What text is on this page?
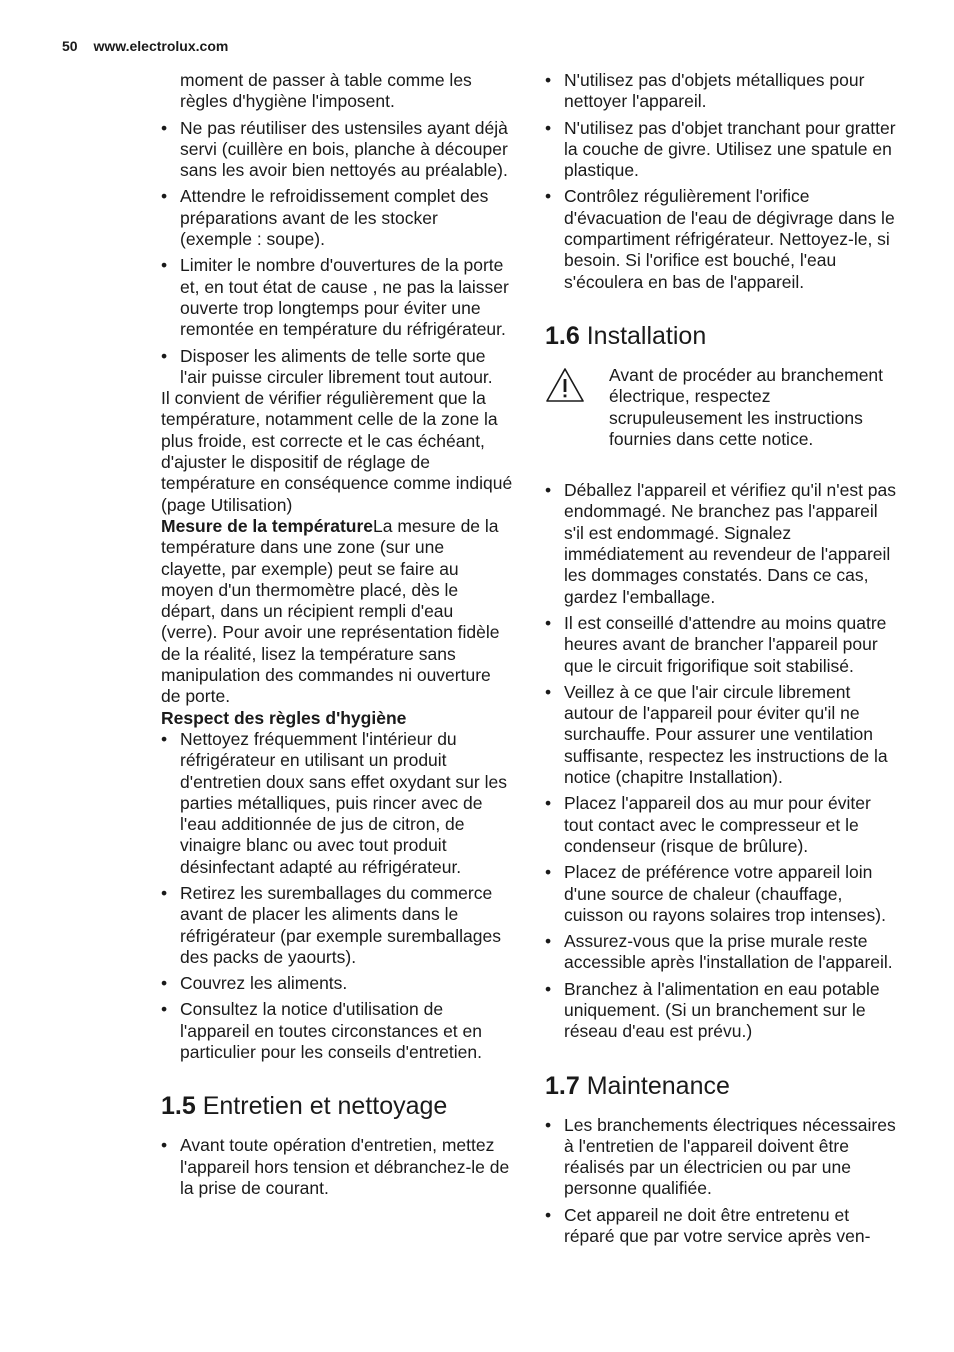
50 www.electrolux.com

moment de passer à table comme les règles d'hygiène l'imposent.

• Ne pas réutiliser des ustensiles ayant déjà servi (cuillère en bois, planche à découper sans les avoir bien nettoyés au préalable).
• Attendre le refroidissement complet des préparations avant de les stocker (exemple : soupe).
• Limiter le nombre d'ouvertures de la porte et, en tout état de cause , ne pas la laisser ouverte trop longtemps pour éviter une remontée en température du réfrigérateur.
• Disposer les aliments de telle sorte que l'air puisse circuler librement tout autour.

Il convient de vérifier régulièrement que la température, notamment celle de la zone la plus froide, est correcte et le cas échéant, d'ajuster le dispositif de réglage de température en conséquence comme indiqué (page Utilisation)

Mesure de la températureLa mesure de la température dans une zone (sur une clayette, par exemple) peut se faire au moyen d'un thermomètre placé, dès le départ, dans un récipient rempli d'eau (verre). Pour avoir une représentation fidèle de la réalité, lisez la température sans manipulation des commandes ni ouverture de porte.

Respect des règles d'hygiène

• Nettoyez fréquemment l'intérieur du réfrigérateur en utilisant un produit d'entretien doux sans effet oxydant sur les parties métalliques, puis rincer avec de l'eau additionnée de jus de citron, de vinaigre blanc ou avec tout produit désinfectant adapté au réfrigérateur.
• Retirez les suremballages du commerce avant de placer les aliments dans le réfrigérateur (par exemple suremballages des packs de yaourts).
• Couvrez les aliments.
• Consultez la notice d'utilisation de l'appareil en toutes circonstances et en particulier pour les conseils d'entretien.
1.5 Entretien et nettoyage
• Avant toute opération d'entretien, mettez l'appareil hors tension et débranchez-le de la prise de courant.
• N'utilisez pas d'objets métalliques pour nettoyer l'appareil.
• N'utilisez pas d'objet tranchant pour gratter la couche de givre. Utilisez une spatule en plastique.
• Contrôlez régulièrement l'orifice d'évacuation de l'eau de dégivrage dans le compartiment réfrigérateur. Nettoyez-le, si besoin. Si l'orifice est bouché, l'eau s'écoulera en bas de l'appareil.
1.6 Installation

Avant de procéder au branchement électrique, respectez scrupuleusement les instructions fournies dans cette notice.

• Déballez l'appareil et vérifiez qu'il n'est pas endommagé. Ne branchez pas l'appareil s'il est endommagé. Signalez immédiatement au revendeur de l'appareil les dommages constatés. Dans ce cas, gardez l'emballage.
• Il est conseillé d'attendre au moins quatre heures avant de brancher l'appareil pour que le circuit frigorifique soit stabilisé.
• Veillez à ce que l'air circule librement autour de l'appareil pour éviter qu'il ne surchauffe. Pour assurer une ventilation suffisante, respectez les instructions de la notice (chapitre Installation).
• Placez l'appareil dos au mur pour éviter tout contact avec le compresseur et le condenseur (risque de brûlure).
• Placez de préférence votre appareil loin d'une source de chaleur (chauffage, cuisson ou rayons solaires trop intenses).
• Assurez-vous que la prise murale reste accessible après l'installation de l'appareil.
• Branchez à l'alimentation en eau potable uniquement. (Si un branchement sur le réseau d'eau est prévu.)
1.7 Maintenance
• Les branchements électriques nécessaires à l'entretien de l'appareil doivent être réalisés par un électricien ou par une personne qualifiée.
• Cet appareil ne doit être entretenu et réparé que par votre service après ven-
